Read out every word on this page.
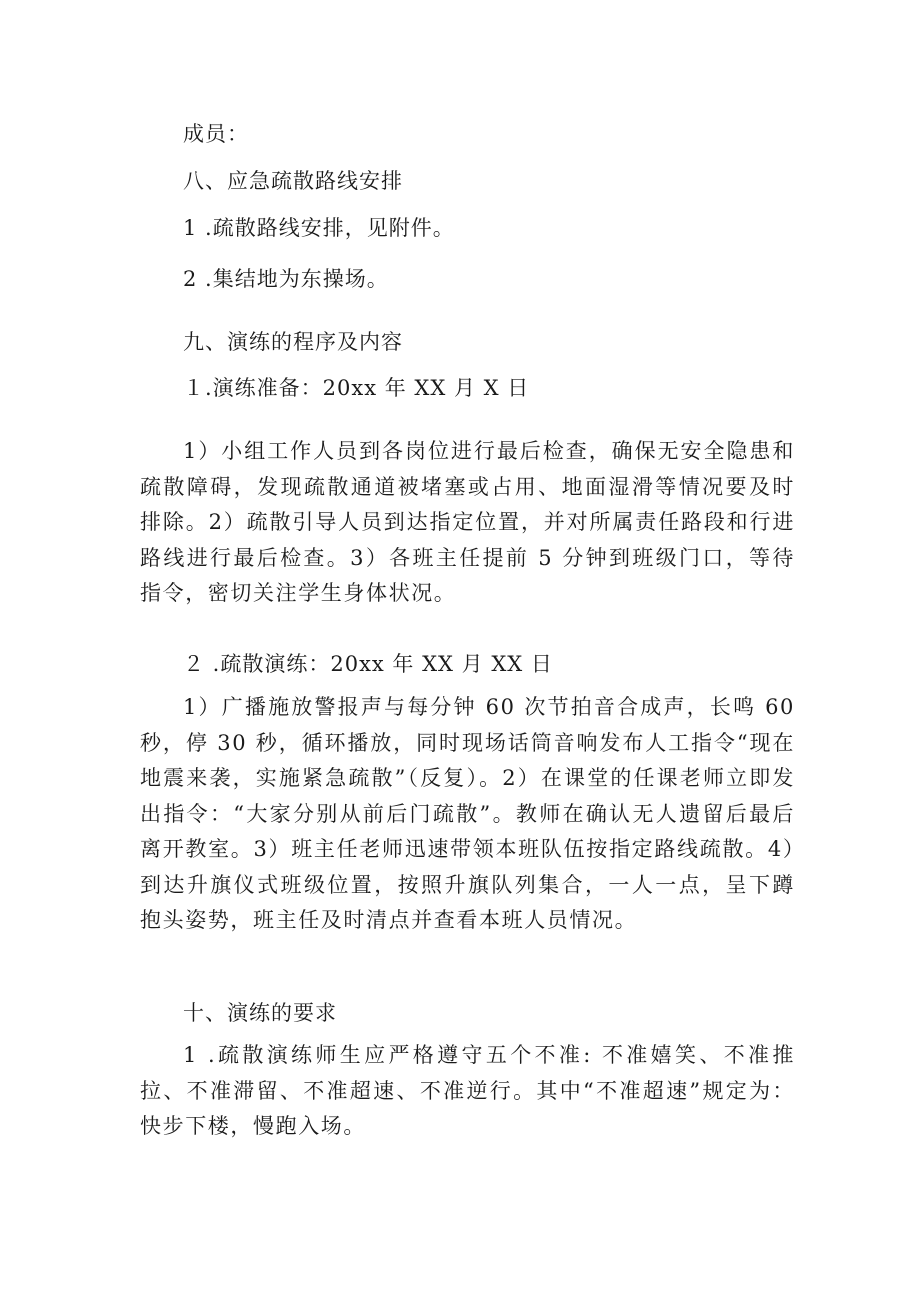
成员：
八、应急疏散路线安排
1 .疏散路线安排，见附件。
2 .集结地为东操场。
九、演练的程序及内容
１.演练准备：20xx 年 XX 月 X 日

1）小组工作人员到各岗位进行最后检查，确保无安全隐患和疏散障碍，发现疏散通道被堵塞或占用、地面湿滑等情况要及时排除。2）疏散引导人员到达指定位置，并对所属责任路段和行进路线进行最后检查。3）各班主任提前 5 分钟到班级门口，等待指令，密切关注学生身体状况。

２ .疏散演练：20xx 年 XX 月 XX 日

1）广播施放警报声与每分钟 60 次节拍音合成声，长鸣 60 秒，停 30 秒，循环播放，同时现场话筒音响发布人工指令“现在地震来袭，实施紧急疏散”（反复）。2）在课堂的任课老师立即发出指令：“大家分别从前后门疏散”。教师在确认无人遗留后最后离开教室。3）班主任老师迅速带领本班队伍按指定路线疏散。4）到达升旗仪式班级位置，按照升旗队列集合，一人一点，呈下蹲抱头姿势，班主任及时清点并查看本班人员情况。

十、演练的要求

1 .疏散演练师生应严格遵守五个不准: 不准嬉笑、不准推拉、不准滞留、不准超速、不准逆行。其中“不准超速”规定为：快步下楼，慢跑入场。
